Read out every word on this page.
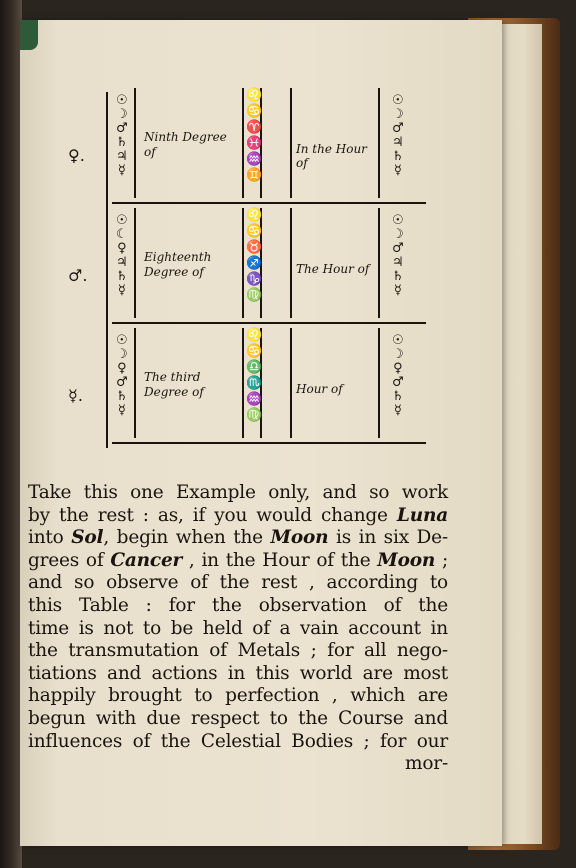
♀.
☉
☽
♂
♄
♃
☿
Ninth Degree of
♌
♋
♈
♓
♒
♊
In the Hour of
☉
☽
♂
♃
♄
☿
♂.
☉
☾
♀
♃
♄
☿
Eighteenth Degree of
♌
♋
♉
♐
♑
♍
The Hour of
☉
☽
♂
♃
♄
☿
☿.
☉
☽
♀
♂
♄
☿
The third Degree of
♌
♋
♎
♏
♒
♍
Hour of
☉
☽
♀
♂
♄
☿
Take this one Example only, and so work
by the rest : as, if you would change Luna
into Sol, begin when the Moon is in six De-
grees of Cancer , in the Hour of the Moon ;
and so observe of the rest , according to
this Table : for the observation of the
time is not to be held of a vain account in
the transmutation of Metals ; for all nego-
tiations and actions in this world are most
happily brought to perfection , which are
begun with due respect to the Course and
influences of the Celestial Bodies ; for our
mor-
